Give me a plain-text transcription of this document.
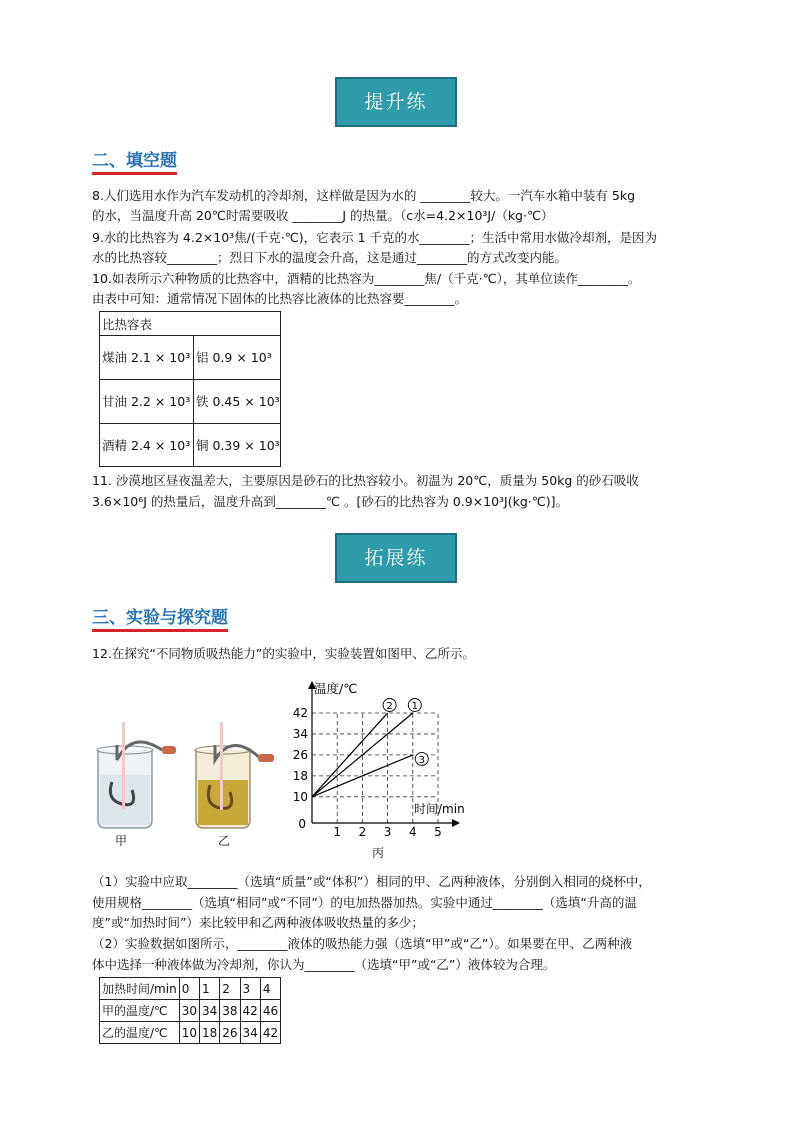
提升练
二、填空题
8.人们选用水作为汽车发动机的冷却剂，这样做是因为水的 ________较大。一汽车水箱中装有 5kg
的水，当温度升高 20℃时需要吸收 ________J 的热量。（c水=4.2×10³J/（kg·℃）
9.水的比热容为 4.2×10³焦/(千克·℃)，它表示 1 千克的水________；生活中常用水做冷却剂，是因为
水的比热容较________；烈日下水的温度会升高，这是通过________的方式改变内能。
10.如表所示六种物质的比热容中，酒精的比热容为________焦/（千克·℃），其单位读作________。
由表中可知：通常情况下固体的比热容比液体的比热容要________。
比热容表
煤油 2.1 × 10³ 铝 0.9 × 10³
甘油 2.2 × 10³ 铁 0.45 × 10³
酒精 2.4 × 10³ 铜 0.39 × 10³
11. 沙漠地区昼夜温差大，主要原因是砂石的比热容较小。初温为 20℃，质量为 50kg 的砂石吸收
3.6×10⁶J 的热量后，温度升高到________℃ 。[砂石的比热容为 0.9×10³J(kg·℃)]。
拓展练
三、实验与探究题
12.在探究“不同物质吸热能力”的实验中，实验装置如图甲、乙所示。
甲	乙
10
18
26
34
42
0
1 2 3 4 5
温度/℃
时间/min
1
2
3
丙
（1）实验中应取________（选填“质量”或“体积”）相同的甲、乙两种液体，分别倒入相同的烧杯中，
使用规格________（选填“相同”或“不同”）的电加热器加热。实验中通过________（选填“升高的温
度”或“加热时间”）来比较甲和乙两种液体吸收热量的多少；
（2）实验数据如图所示，________液体的吸热能力强（选填“甲”或“乙”）。如果要在甲、乙两种液
体中选择一种液体做为冷却剂，你认为________（选填“甲”或“乙”）液体较为合理。
加热时间/min	0	1	2	3	4
甲的温度/℃	30	34	38	42	46
乙的温度/℃	10	18	26	34	42
